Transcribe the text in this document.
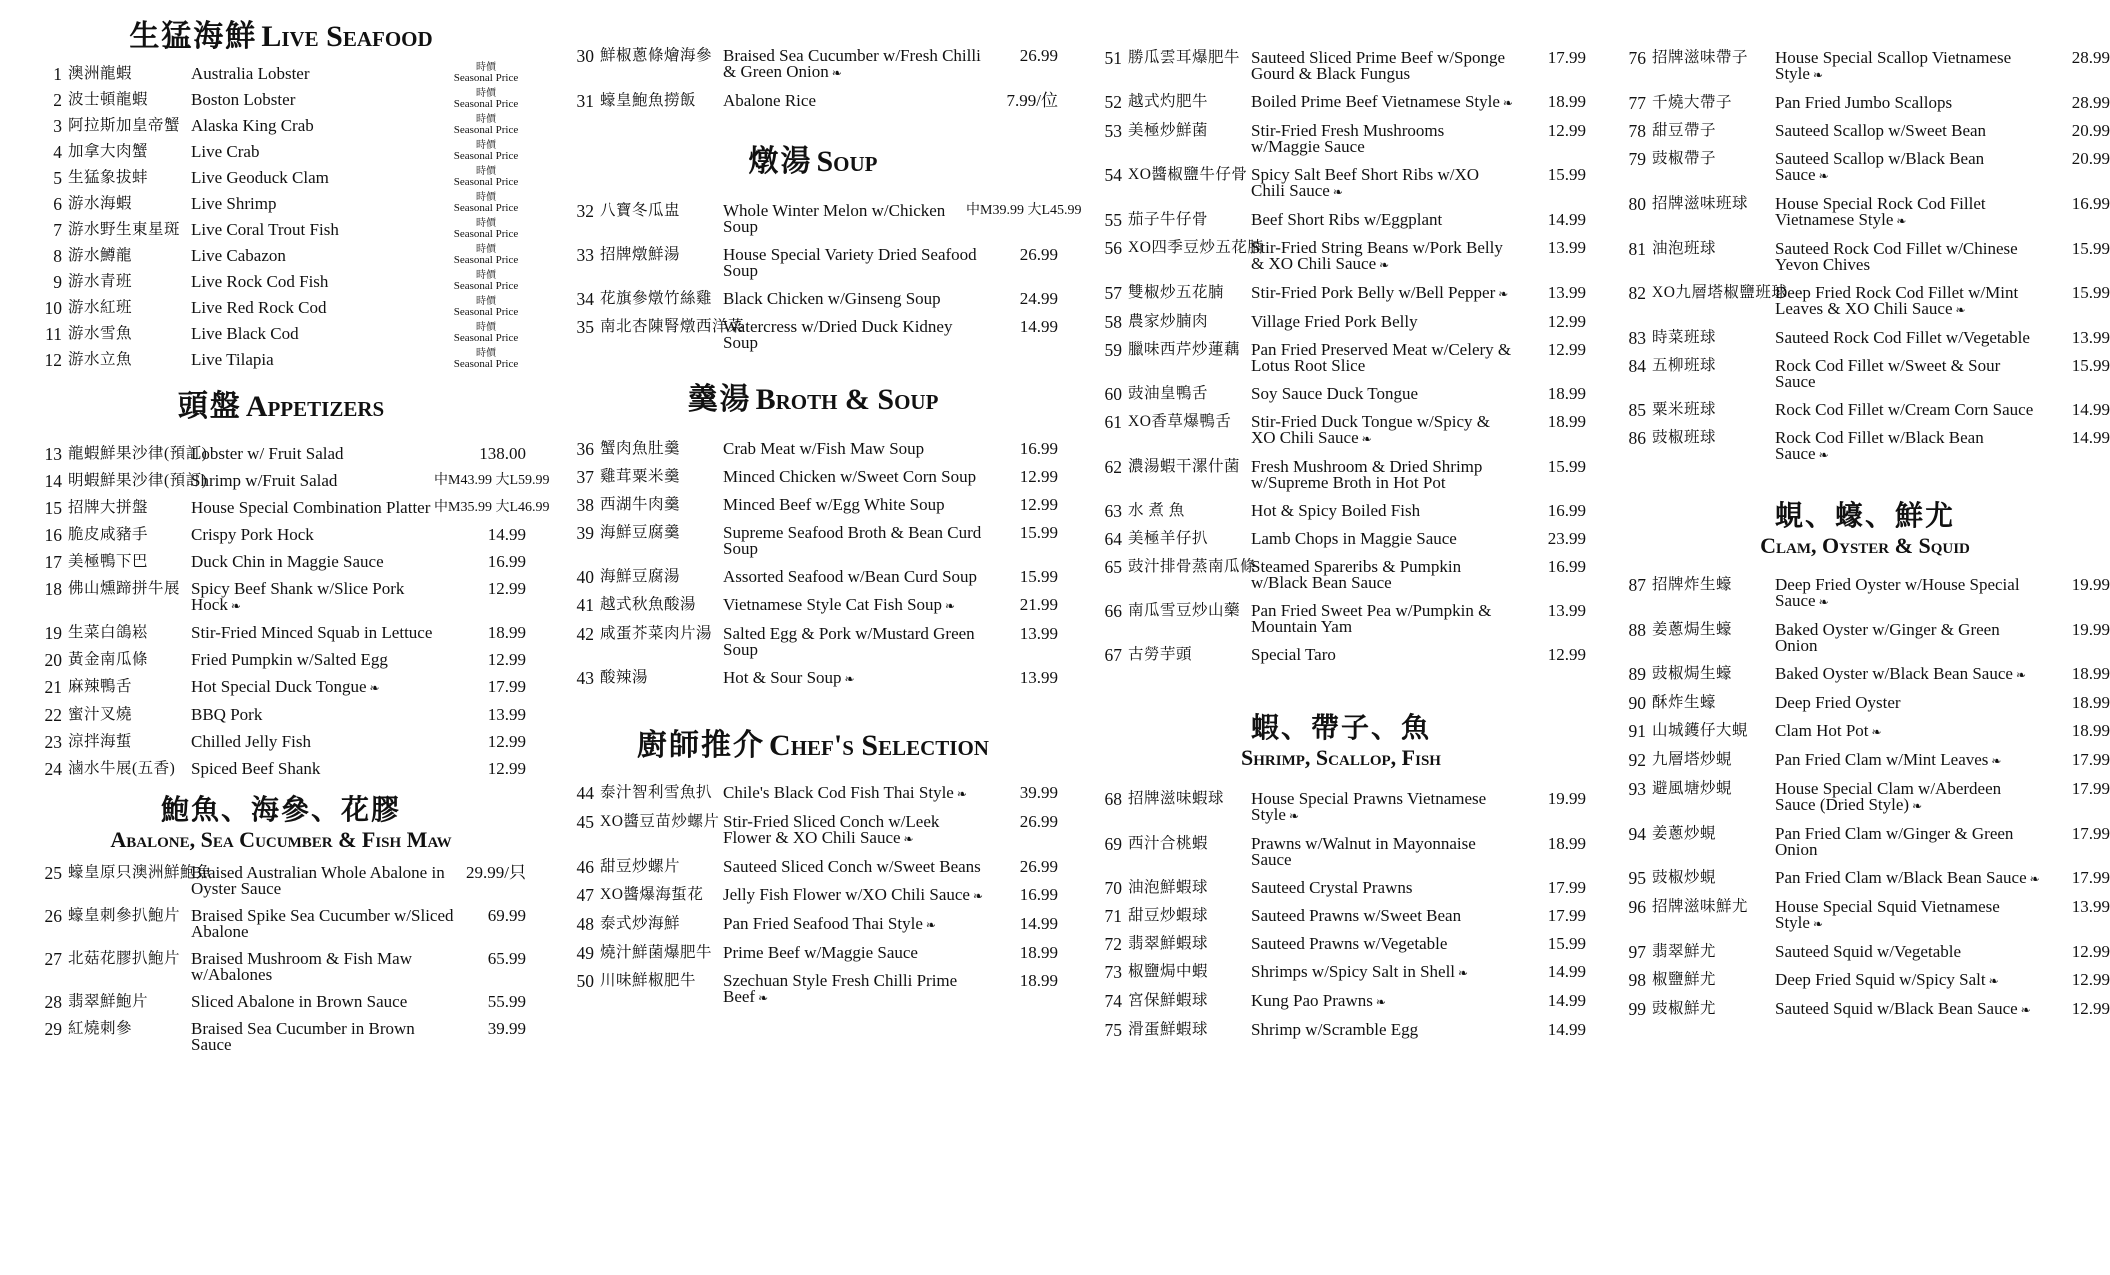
生猛海鮮 Live Seafood
1 澳洲龍蝦	Australia Lobster	時價
Seasonal Price
2 波士頓龍蝦	Boston Lobster	時價
Seasonal Price
3 阿拉斯加皇帝蟹 Alaska King Crab	時價
Seasonal Price
4 加拿大肉蟹	Live Crab	時價
Seasonal Price
5 生猛象拔蚌	Live Geoduck Clam	時價
Seasonal Price
6 游水海蝦	Live Shrimp	時價
Seasonal Price
7 游水野生東星斑 Live Coral Trout Fish	時價
Seasonal Price
8 游水鱒龍	Live Cabazon	時價
Seasonal Price
9 游水青班	Live Rock Cod Fish	時價
Seasonal Price
10 游水紅班	Live Red Rock Cod	時價
Seasonal Price
11 游水雪魚	Live Black Cod	時價
Seasonal Price
12 游水立魚	Live Tilapia	時價
Seasonal Price
頭盤 Appetizers
13 龍蝦鮮果沙律(預訂)
Lobster w/ Fruit Salad	138.00
14 明蝦鮮果沙律(預訂)
Shrimp w/Fruit Salad	中M43.99 大L59.99
15 招牌大拼盤	House Special Combination Platter 中M35.99 大L46.99
16 脆皮咸豬手	Crispy Pork Hock	14.99
17 美極鴨下巴	Duck Chin in Maggie Sauce	16.99
18 佛山燻蹄拼牛展 Spicy Beef Shank w/Slice Pork Hock ❧
12.99
19 生菜白鴿崧	Stir-Fried Minced Squab in Lettuce	18.99
20 黃金南瓜條	Fried Pumpkin w/Salted Egg	12.99
21 麻辣鴨舌	Hot Special Duck Tongue ❧	17.99
22 蜜汁叉燒	BBQ Pork	13.99
23 涼拌海蜇	Chilled Jelly Fish	12.99
24 滷水牛展(五香) Spiced Beef Shank	12.99
鮑魚、海參、花膠
Abalone, Sea Cucumber & Fish Maw
25 蠔皇原只澳洲鮮鮑魚
Braised Australian Whole Abalone in Oyster Sauce
29.99/只
26 蠔皇刺參扒鮑片 Braised Spike Sea Cucumber w/Sliced Abalone
69.99
27 北菇花膠扒鮑片 Braised Mushroom & Fish Maw w/Abalones
65.99
28 翡翠鮮鮑片	Sliced Abalone in Brown Sauce	55.99
29 紅燒刺參	Braised Sea Cucumber in Brown Sauce
39.99
30 鮮椒蔥條燴海參 Braised Sea Cucumber w/Fresh Chilli & Green Onion ❧
26.99
31 蠔皇鮑魚撈飯	Abalone Rice	7.99/位
燉湯 Soup
32 八寶冬瓜盅	Whole Winter Melon w/Chicken Soup
中M39.99 大L45.99
33 招牌燉鮮湯	House Special Variety Dried Seafood Soup
26.99
34 花旗參燉竹絲雞 Black Chicken w/Ginseng Soup	24.99
35 南北杏陳腎燉西洋菜
Watercress w/Dried Duck Kidney Soup
14.99
羹湯 Broth & Soup
36 蟹肉魚肚羹	Crab Meat w/Fish Maw Soup	16.99
37 雞茸粟米羹	Minced Chicken w/Sweet Corn Soup	12.99
38 西湖牛肉羹	Minced Beef w/Egg White Soup	12.99
39 海鮮豆腐羹	Supreme Seafood Broth & Bean Curd Soup
15.99
40 海鮮豆腐湯	Assorted Seafood w/Bean Curd Soup	15.99
41 越式秋魚酸湯	Vietnamese Style Cat Fish Soup ❧	21.99
42 咸蛋芥菜肉片湯 Salted Egg & Pork w/Mustard Green Soup
13.99
43 酸辣湯	Hot & Sour Soup ❧	13.99
廚師推介 Chef's Selection
44 泰汁智利雪魚扒 Chile's Black Cod Fish Thai Style ❧	39.99
45 XO醬豆苗炒螺片 Stir-Fried Sliced Conch w/Leek Flower & XO Chili Sauce ❧
26.99
46 甜豆炒螺片	Sauteed Sliced Conch w/Sweet Beans	26.99
47 XO醬爆海蜇花	Jelly Fish Flower w/XO Chili Sauce ❧	16.99
48 泰式炒海鮮	Pan Fried Seafood Thai Style ❧	14.99
49 燒汁鮮菌爆肥牛 Prime Beef w/Maggie Sauce	18.99
50 川味鮮椒肥牛	Szechuan Style Fresh Chilli Prime Beef ❧
18.99
51 勝瓜雲耳爆肥牛 Sauteed Sliced Prime Beef w/Sponge Gourd & Black Fungus
17.99
52 越式灼肥牛	Boiled Prime Beef Vietnamese Style ❧	18.99
53 美極炒鮮菌	Stir-Fried Fresh Mushrooms w/Maggie Sauce
12.99
54 XO醬椒鹽牛仔骨 Spicy Salt Beef Short Ribs w/XO Chili Sauce ❧
15.99
55 茄子牛仔骨	Beef Short Ribs w/Eggplant	14.99
56 XO四季豆炒五花腩
Stir-Fried String Beans w/Pork Belly & XO Chili Sauce ❧
13.99
57 雙椒炒五花腩	Stir-Fried Pork Belly w/Bell Pepper ❧	13.99
58 農家炒腩肉	Village Fried Pork Belly	12.99
59 臘味西芹炒蓮藕 Pan Fried Preserved Meat w/Celery & Lotus Root Slice
12.99
60 豉油皇鴨舌	Soy Sauce Duck Tongue	18.99
61 XO香草爆鴨舌	Stir-Fried Duck Tongue w/Spicy & XO Chili Sauce ❧
18.99
62 濃湯蝦干漯什菌 Fresh Mushroom & Dried Shrimp w/Supreme Broth in Hot Pot
15.99
63 水 煮 魚	Hot & Spicy Boiled Fish	16.99
64 美極羊仔扒	Lamb Chops in Maggie Sauce	23.99
65 豉汁排骨蒸南瓜條
Steamed Spareribs & Pumpkin w/Black Bean Sauce
16.99
66 南瓜雪豆炒山藥 Pan Fried Sweet Pea w/Pumpkin & Mountain Yam
13.99
67 古勞芋頭	Special Taro	12.99
蝦、帶子、魚
Shrimp, Scallop, Fish
68 招牌滋味蝦球	House Special Prawns Vietnamese Style ❧
19.99
69 西汁合桃蝦	Prawns w/Walnut in Mayonnaise Sauce
18.99
70 油泡鮮蝦球	Sauteed Crystal Prawns	17.99
71 甜豆炒蝦球	Sauteed Prawns w/Sweet Bean	17.99
72 翡翠鮮蝦球	Sauteed Prawns w/Vegetable	15.99
73 椒鹽焗中蝦	Shrimps w/Spicy Salt in Shell ❧	14.99
74 宮保鮮蝦球	Kung Pao Prawns ❧	14.99
75 滑蛋鮮蝦球	Shrimp w/Scramble Egg	14.99
76 招牌滋味帶子	House Special Scallop Vietnamese Style ❧
28.99
77 千燒大帶子	Pan Fried Jumbo Scallops	28.99
78 甜豆帶子	Sauteed Scallop w/Sweet Bean	20.99
79 豉椒帶子	Sauteed Scallop w/Black Bean Sauce ❧
20.99
80 招牌滋味班球	House Special Rock Cod Fillet Vietnamese Style ❧
16.99
81 油泡班球	Sauteed Rock Cod Fillet w/Chinese Yevon Chives
15.99
82 XO九層塔椒鹽班球
Deep Fried Rock Cod Fillet w/Mint Leaves & XO Chili Sauce ❧
15.99
83 時菜班球	Sauteed Rock Cod Fillet w/Vegetable	13.99
84 五柳班球	Rock Cod Fillet w/Sweet & Sour Sauce
15.99
85 粟米班球	Rock Cod Fillet w/Cream Corn Sauce	14.99
86 豉椒班球	Rock Cod Fillet w/Black Bean Sauce ❧
14.99
蜆、蠔、鮮尤
Clam, Oyster & Squid
87 招牌炸生蠔	Deep Fried Oyster w/House Special Sauce ❧
19.99
88 姜蔥焗生蠔	Baked Oyster w/Ginger & Green Onion
19.99
89 豉椒焗生蠔	Baked Oyster w/Black Bean Sauce ❧	18.99
90 酥炸生蠔	Deep Fried Oyster	18.99
91 山城鑊仔大蜆	Clam Hot Pot ❧	18.99
92 九層塔炒蜆	Pan Fried Clam w/Mint Leaves ❧	17.99
93 避風塘炒蜆	House Special Clam w/Aberdeen Sauce (Dried Style) ❧
17.99
94 姜蔥炒蜆	Pan Fried Clam w/Ginger & Green Onion
17.99
95 豉椒炒蜆	Pan Fried Clam w/Black Bean Sauce ❧	17.99
96 招牌滋味鮮尤	House Special Squid Vietnamese Style ❧
13.99
97 翡翠鮮尤	Sauteed Squid w/Vegetable	12.99
98 椒鹽鮮尤	Deep Fried Squid w/Spicy Salt ❧	12.99
99 豉椒鮮尤	Sauteed Squid w/Black Bean Sauce ❧	12.99
